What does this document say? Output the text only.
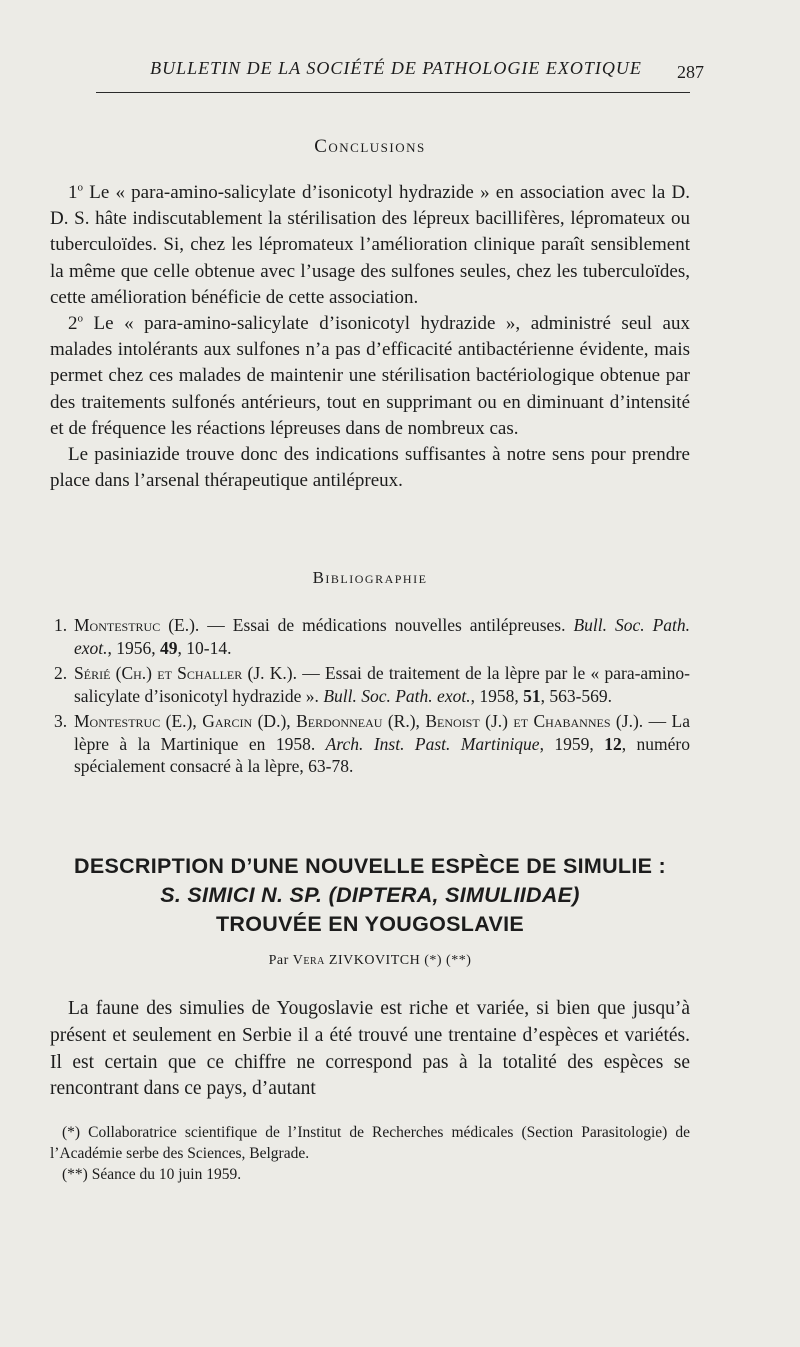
BULLETIN DE LA SOCIÉTÉ DE PATHOLOGIE EXOTIQUE	287
Conclusions

1$^o$ Le « para-amino-salicylate d’isonicotyl hydrazide » en association avec la D. D. S. hâte indiscutablement la stérilisation des lépreux bacillifères, lépromateux ou tuberculoïdes. Si, chez les lépromateux l’amélioration clinique paraît sensiblement la même que celle obtenue avec l’usage des sulfones seules, chez les tuberculoïdes, cette amélioration bénéficie de cette association.

2$^o$ Le « para-amino-salicylate d’isonicotyl hydrazide », administré seul aux malades intolérants aux sulfones n’a pas d’efficacité antibactérienne évidente, mais permet chez ces malades de maintenir une stérilisation bactériologique obtenue par des traitements sulfonés antérieurs, tout en supprimant ou en diminuant d’intensité et de fréquence les réactions lépreuses dans de nombreux cas.

Le pasiniazide trouve donc des indications suffisantes à notre sens pour prendre place dans l’arsenal thérapeutique antilépreux.

Bibliographie
1. Montestruc (E.). — Essai de médications nouvelles antilépreuses. Bull. Soc. Path. exot., 1956, 49, 10-14.
2. Sérié (Ch.) et Schaller (J. K.). — Essai de traitement de la lèpre par le « para-amino-salicylate d’isonicotyl hydrazide ». Bull. Soc. Path. exot., 1958, 51, 563-569.
3. Montestruc (E.), Garcin (D.), Berdonneau (R.), Benoist (J.) et Chabannes (J.). — La lèpre à la Martinique en 1958. Arch. Inst. Past. Martinique, 1959, 12, numéro spécialement consacré à la lèpre, 63-78.
DESCRIPTION D’UNE NOUVELLE ESPÈCE DE SIMULIE :
S. SIMICI N. SP. (DIPTERA, SIMULIIDAE)
TROUVÉE EN YOUGOSLAVIE
Par Vera ZIVKOVITCH (*) (**)

La faune des simulies de Yougoslavie est riche et variée, si bien que jusqu’à présent et seulement en Serbie il a été trouvé une trentaine d’espèces et variétés. Il est certain que ce chiffre ne correspond pas à la totalité des espèces se rencontrant dans ce pays, d’autant

(*) Collaboratrice scientifique de l’Institut de Recherches médicales (Section Parasitologie) de l’Académie serbe des Sciences, Belgrade.

(**) Séance du 10 juin 1959.
